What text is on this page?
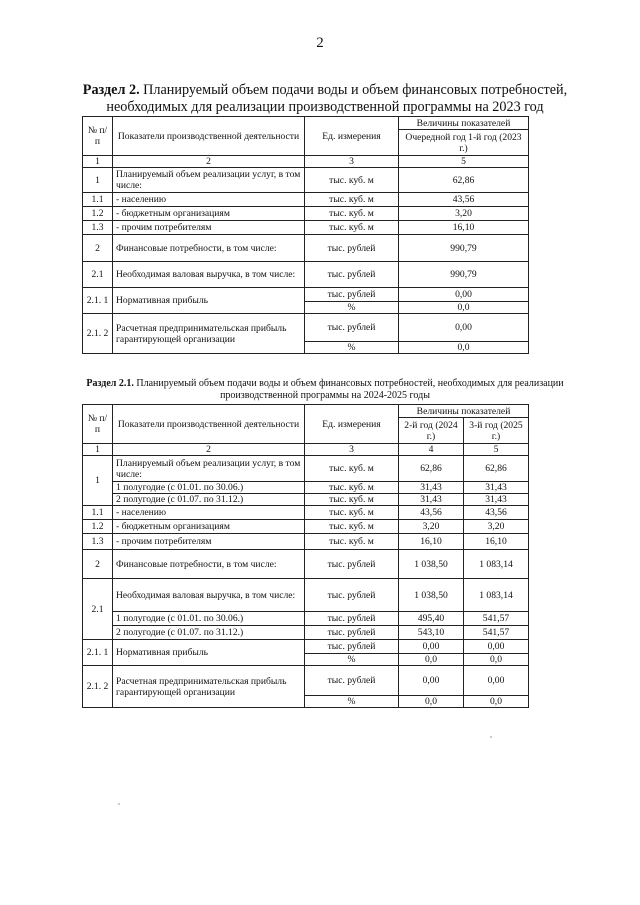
2
Раздел 2. Планируемый объем подачи воды и объем финансовых потребностей,
необходимых для реализации производственной программы на 2023 год
№ п/п	Показатели производственной деятельности	Ед. измерения	Величины показателей
			Очередной год 1-й год (2023 г.)
1	2	3	5
1	Планируемый объем реализации услуг, в том числе:	тыс. куб. м	62,86
1.1	- населению	тыс. куб. м	43,56
1.2	- бюджетным организациям	тыс. куб. м	3,20
1.3	- прочим потребителям	тыс. куб. м	16,10
2	Финансовые потребности, в том числе:	тыс. рублей	990,79
2.1	Необходимая валовая выручка, в том числе:	тыс. рублей	990,79
2.1. 1	Нормативная прибыль	тыс. рублей	0,00
		%	0,0
2.1. 2	Расчетная предпринимательская прибыль гарантирующей организации	тыс. рублей	0,00
		%	0,0
Раздел 2.1. Планируемый объем подачи воды и объем финансовых потребностей, необходимых для реализации
производственной программы на 2024-2025 годы
№ п/п	Показатели производственной деятельности	Ед. измерения	Величины показателей	
			2-й год (2024 г.)	3-й год (2025 г.)
1	2	3	4	5
1	Планируемый объем реализации услуг, в том числе:	тыс. куб. м	62,86	62,86
	1 полугодие (с 01.01. по 30.06.)	тыс. куб. м	31,43	31,43
	2 полугодие (с 01.07. по 31.12.)	тыс. куб. м	31,43	31,43
1.1	- населению	тыс. куб. м	43,56	43,56
1.2	- бюджетным организациям	тыс. куб. м	3,20	3,20
1.3	- прочим потребителям	тыс. куб. м	16,10	16,10
2	Финансовые потребности, в том числе:	тыс. рублей	1 038,50	1 083,14
2.1	Необходимая валовая выручка, в том числе:	тыс. рублей	1 038,50	1 083,14
	1 полугодие (с 01.01. по 30.06.)	тыс. рублей	495,40	541,57
	2 полугодие (с 01.07. по 31.12.)	тыс. рублей	543,10	541,57
2.1. 1	Нормативная прибыль	тыс. рублей	0,00	0,00
		%	0,0	0,0
2.1. 2	Расчетная предпринимательская прибыль гарантирующей организации	тыс. рублей	0,00	0,00
		%	0,0	0,0
